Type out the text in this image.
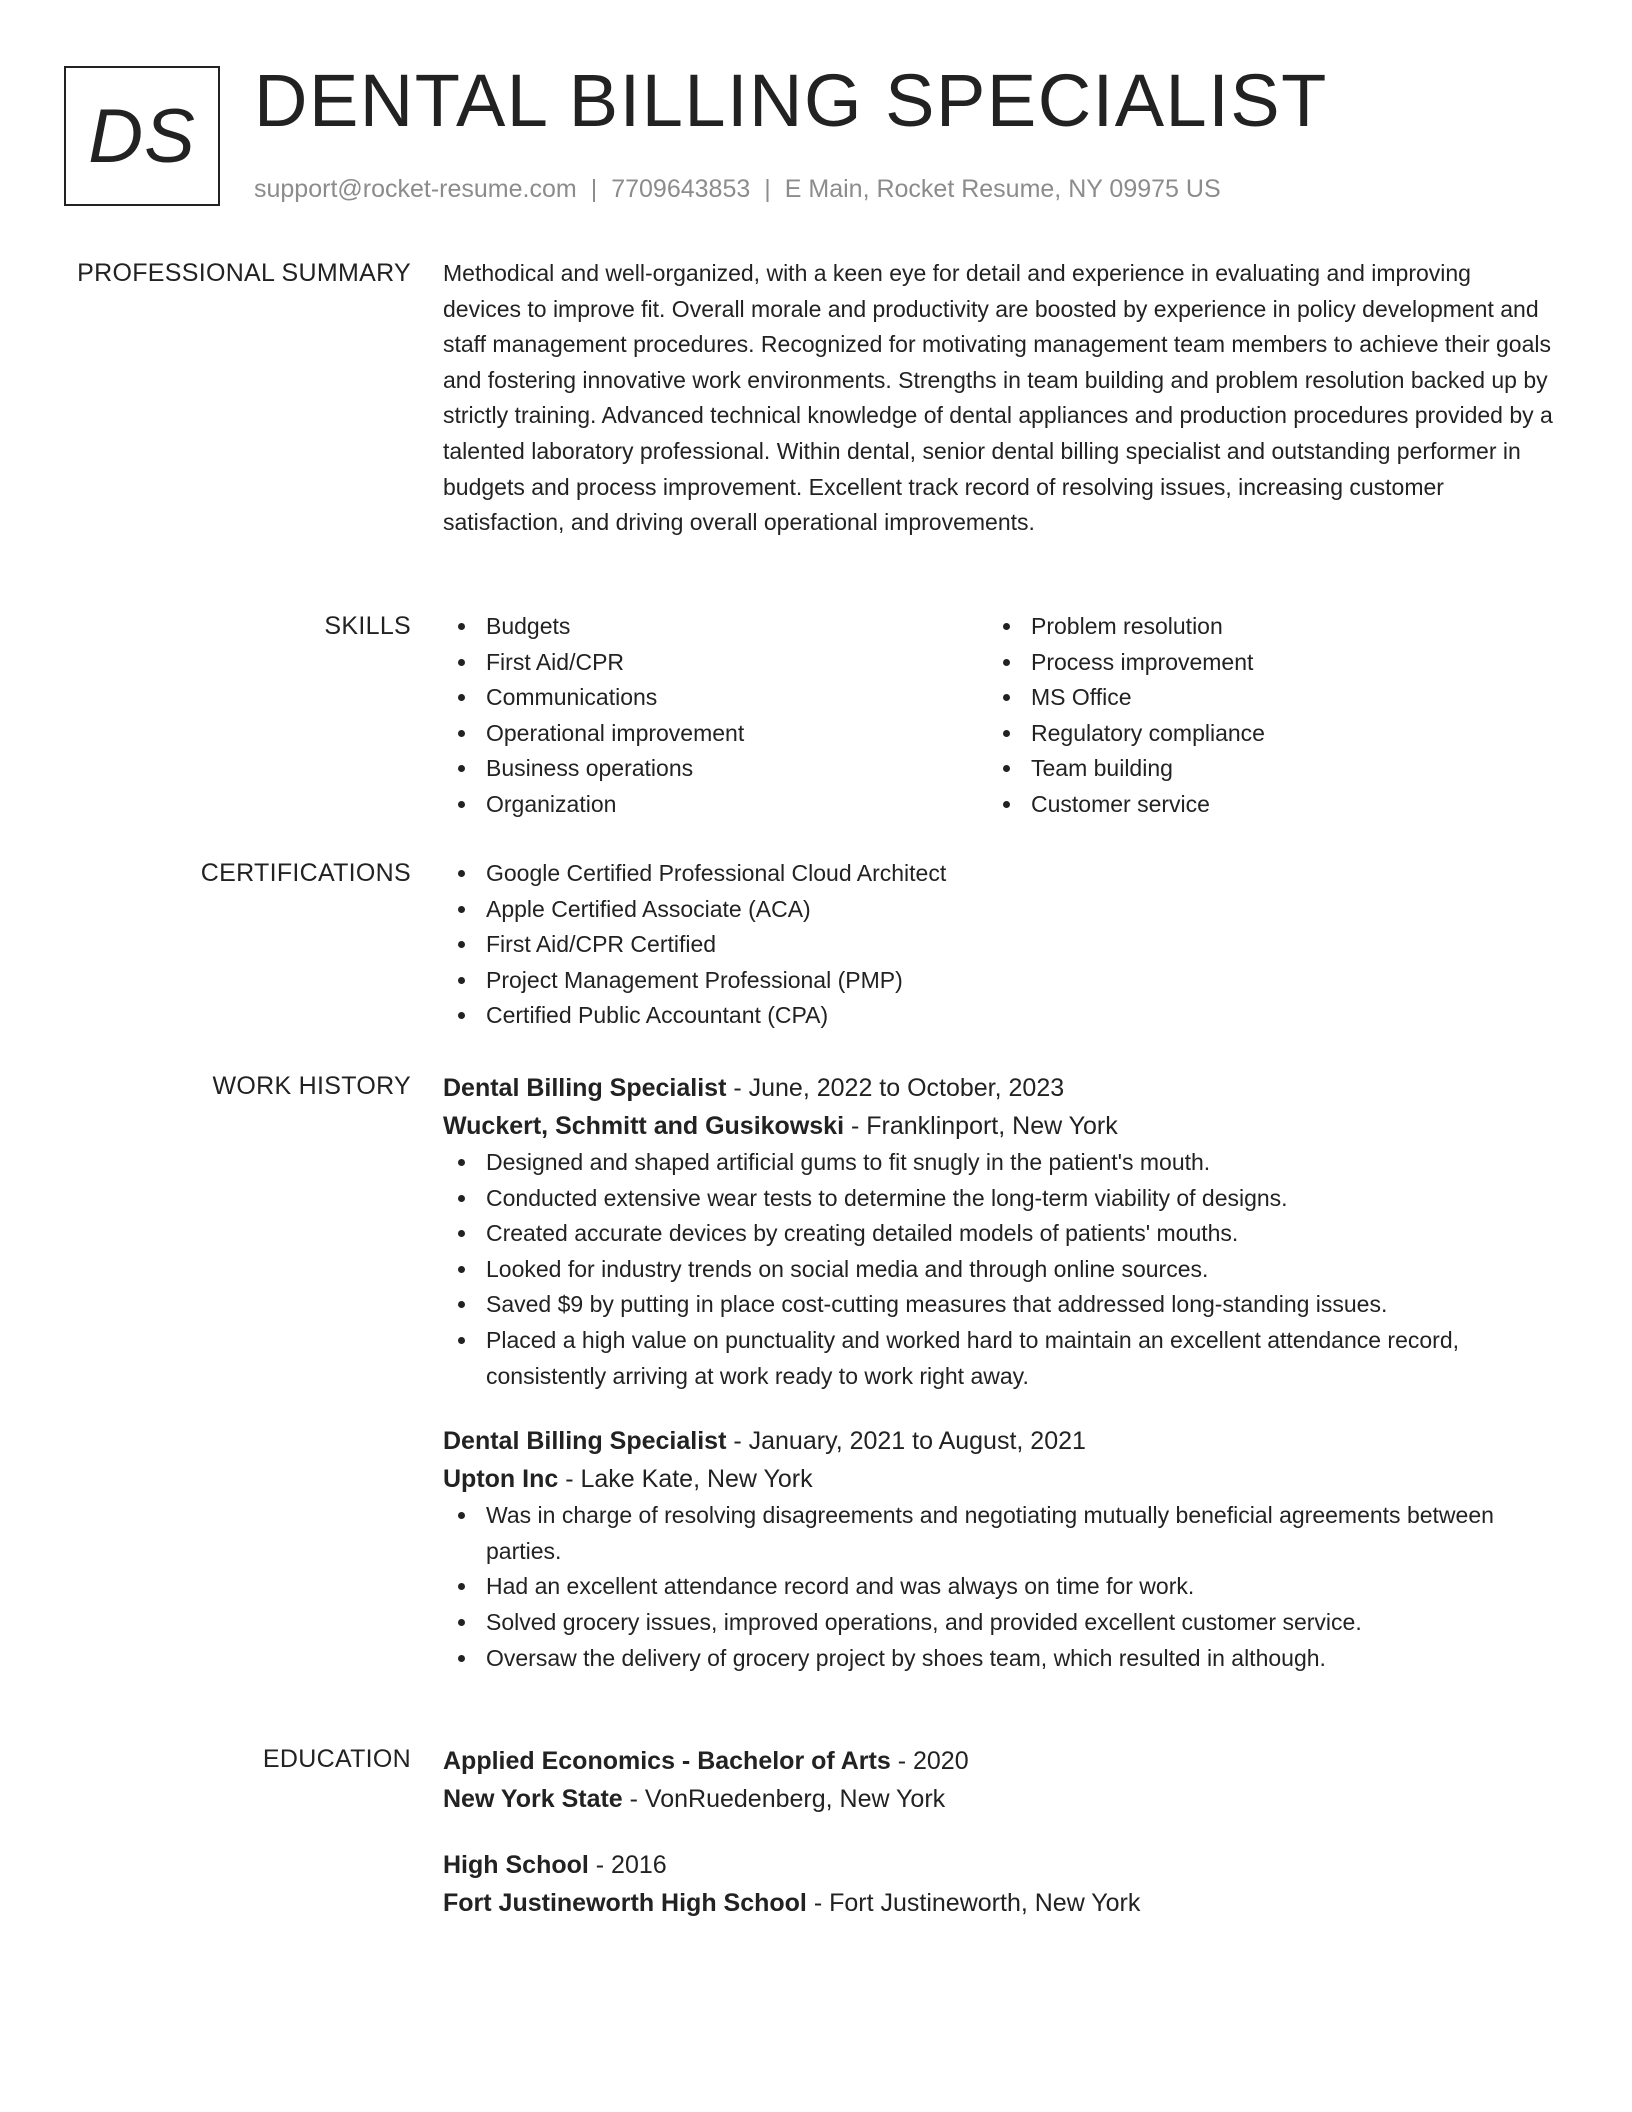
DS DENTAL BILLING SPECIALIST
support@rocket-resume.com | 7709643853 | E Main, Rocket Resume, NY 09975 US
PROFESSIONAL SUMMARY Methodical and well-organized, with a keen eye for detail and experience in evaluating and improving devices to improve fit. Overall morale and productivity are boosted by experience in policy development and staff management procedures. Recognized for motivating management team members to achieve their goals and fostering innovative work environments. Strengths in team building and problem resolution backed up by strictly training. Advanced technical knowledge of dental appliances and production procedures provided by a talented laboratory professional. Within dental, senior dental billing specialist and outstanding performer in budgets and process improvement. Excellent track record of resolving issues, increasing customer satisfaction, and driving overall operational improvements.

SKILLS	Budgets
First Aid/CPR
Communications
Operational improvement
Business operations
Organization
Problem resolution
Process improvement
MS Office
Regulatory compliance
Team building
Customer service
CERTIFICATIONS	Google Certified Professional Cloud Architect
Apple Certified Associate (ACA)
First Aid/CPR Certified
Project Management Professional (PMP)
Certified Public Accountant (CPA)
WORK HISTORY Dental Billing Specialist - June, 2022 to October, 2023
Wuckert, Schmitt and Gusikowski - Franklinport, New York
Designed and shaped artificial gums to fit snugly in the patient's mouth.
Conducted extensive wear tests to determine the long-term viability of designs.
Created accurate devices by creating detailed models of patients' mouths.
Looked for industry trends on social media and through online sources.
Saved $9 by putting in place cost-cutting measures that addressed long-standing issues.
Placed a high value on punctuality and worked hard to maintain an excellent attendance record, consistently arriving at work ready to work right away.
Dental Billing Specialist - January, 2021 to August, 2021
Upton Inc - Lake Kate, New York
Was in charge of resolving disagreements and negotiating mutually beneficial agreements between parties.
Had an excellent attendance record and was always on time for work.
Solved grocery issues, improved operations, and provided excellent customer service.
Oversaw the delivery of grocery project by shoes team, which resulted in although.
EDUCATION Applied Economics - Bachelor of Arts - 2020
New York State - VonRuedenberg, New York
High School - 2016
Fort Justineworth High School - Fort Justineworth, New York
